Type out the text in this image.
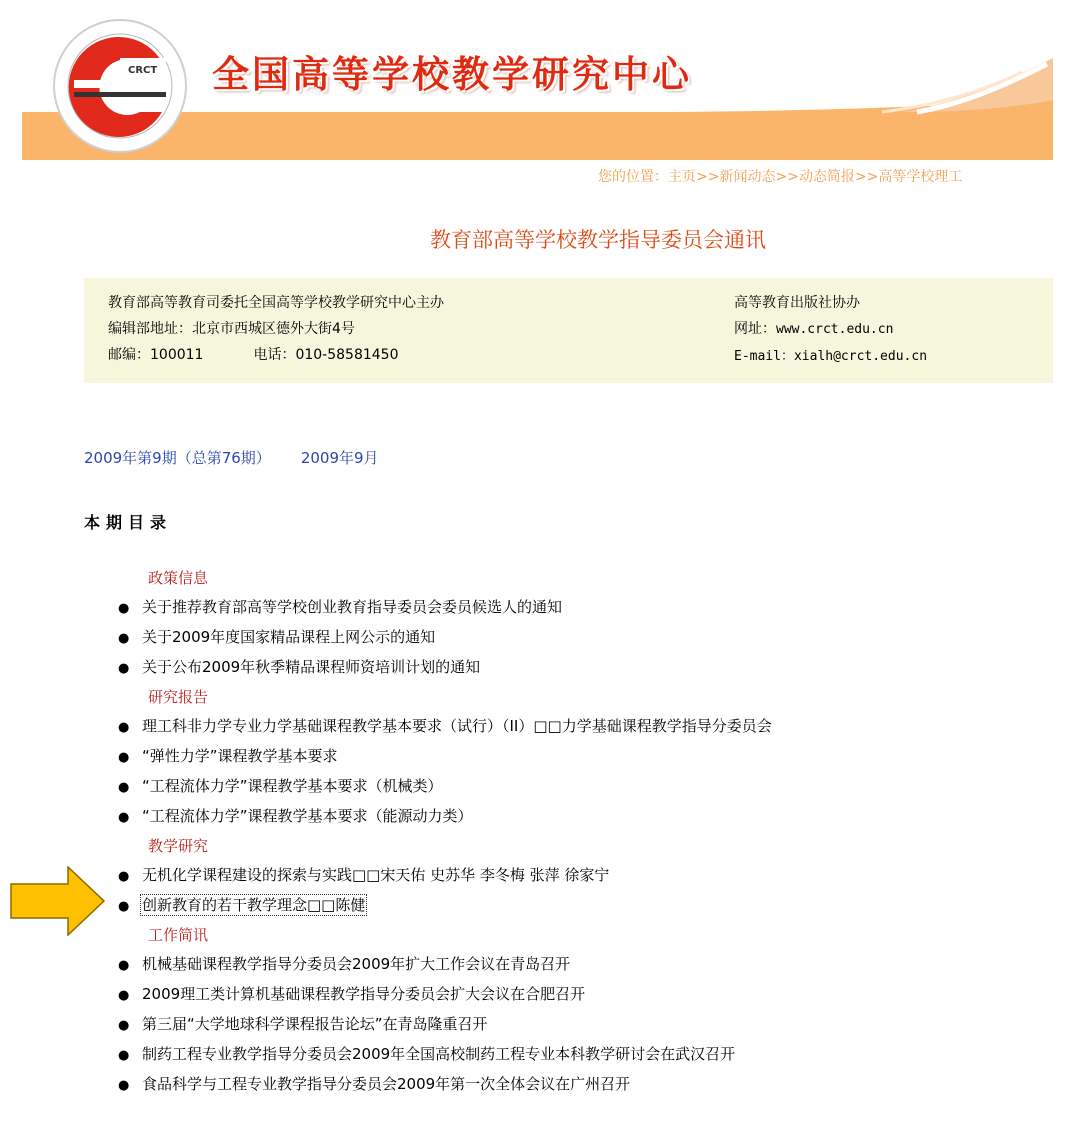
CRCT 全国高等学校教学研究中心
您的位置：主页>>新闻动态>>动态简报>>高等学校理工
教育部高等学校教学指导委员会通讯
教育部高等教育司委托全国高等学校教学研究中心主办
编辑部地址：北京市西城区德外大街4号
邮编：100011	电话：010-58581450
高等教育出版社协办
网址：www.crct.edu.cn
E-mail：xialh@crct.edu.cn
2009年第9期（总第76期） 2009年9月
本期目录
政策信息
● 关于推荐教育部高等学校创业教育指导委员会委员候选人的通知
● 关于2009年度国家精品课程上网公示的通知
● 关于公布2009年秋季精品课程师资培训计划的通知
研究报告
● 理工科非力学专业力学基础课程教学基本要求（试行）（II）□□力学基础课程教学指导分委员会
● “弹性力学”课程教学基本要求
● “工程流体力学”课程教学基本要求（机械类）
● “工程流体力学”课程教学基本要求（能源动力类）
教学研究
● 无机化学课程建设的探索与实践□□宋天佑 史苏华 李冬梅 张萍 徐家宁
● 创新教育的若干教学理念□□陈健
工作简讯
● 机械基础课程教学指导分委员会2009年扩大工作会议在青岛召开
● 2009理工类计算机基础课程教学指导分委员会扩大会议在合肥召开
● 第三届“大学地球科学课程报告论坛”在青岛隆重召开
● 制药工程专业教学指导分委员会2009年全国高校制药工程专业本科教学研讨会在武汉召开
● 食品科学与工程专业教学指导分委员会2009年第一次全体会议在广州召开
